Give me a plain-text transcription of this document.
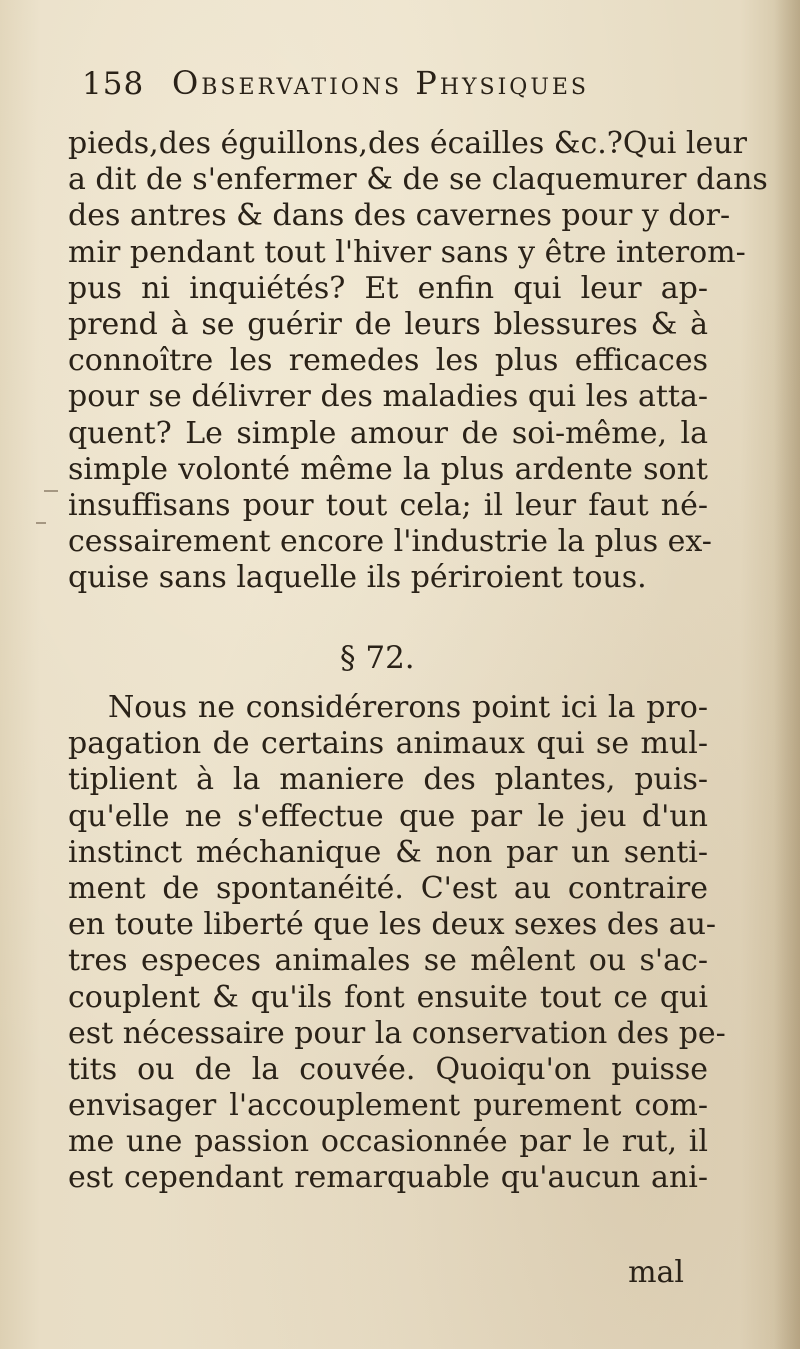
158 Observations Physiques
pieds,des éguillons,des écailles &c.?Qui leur
a dit de s'enfermer & de se claquemurer dans
des antres & dans des cavernes pour y dor-
mir pendant tout l'hiver sans y être interom-
pus ni inquiétés? Et enfin qui leur ap-
prend à se guérir de leurs blessures & à
connoître les remedes les plus efficaces
pour se délivrer des maladies qui les atta-
quent? Le simple amour de soi-même, la
simple volonté même la plus ardente sont
insuffisans pour tout cela; il leur faut né-
cessairement encore l'industrie la plus ex-
quise sans laquelle ils périroient tous.
§ 72.
Nous ne considérerons point ici la pro-
pagation de certains animaux qui se mul-
tiplient à la maniere des plantes, puis-
qu'elle ne s'effectue que par le jeu d'un
instinct méchanique & non par un senti-
ment de spontanéité. C'est au contraire
en toute liberté que les deux sexes des au-
tres especes animales se mêlent ou s'ac-
couplent & qu'ils font ensuite tout ce qui
est nécessaire pour la conservation des pe-
tits ou de la couvée. Quoiqu'on puisse
envisager l'accouplement purement com-
me une passion occasionnée par le rut, il
est cependant remarquable qu'aucun ani-
mal
